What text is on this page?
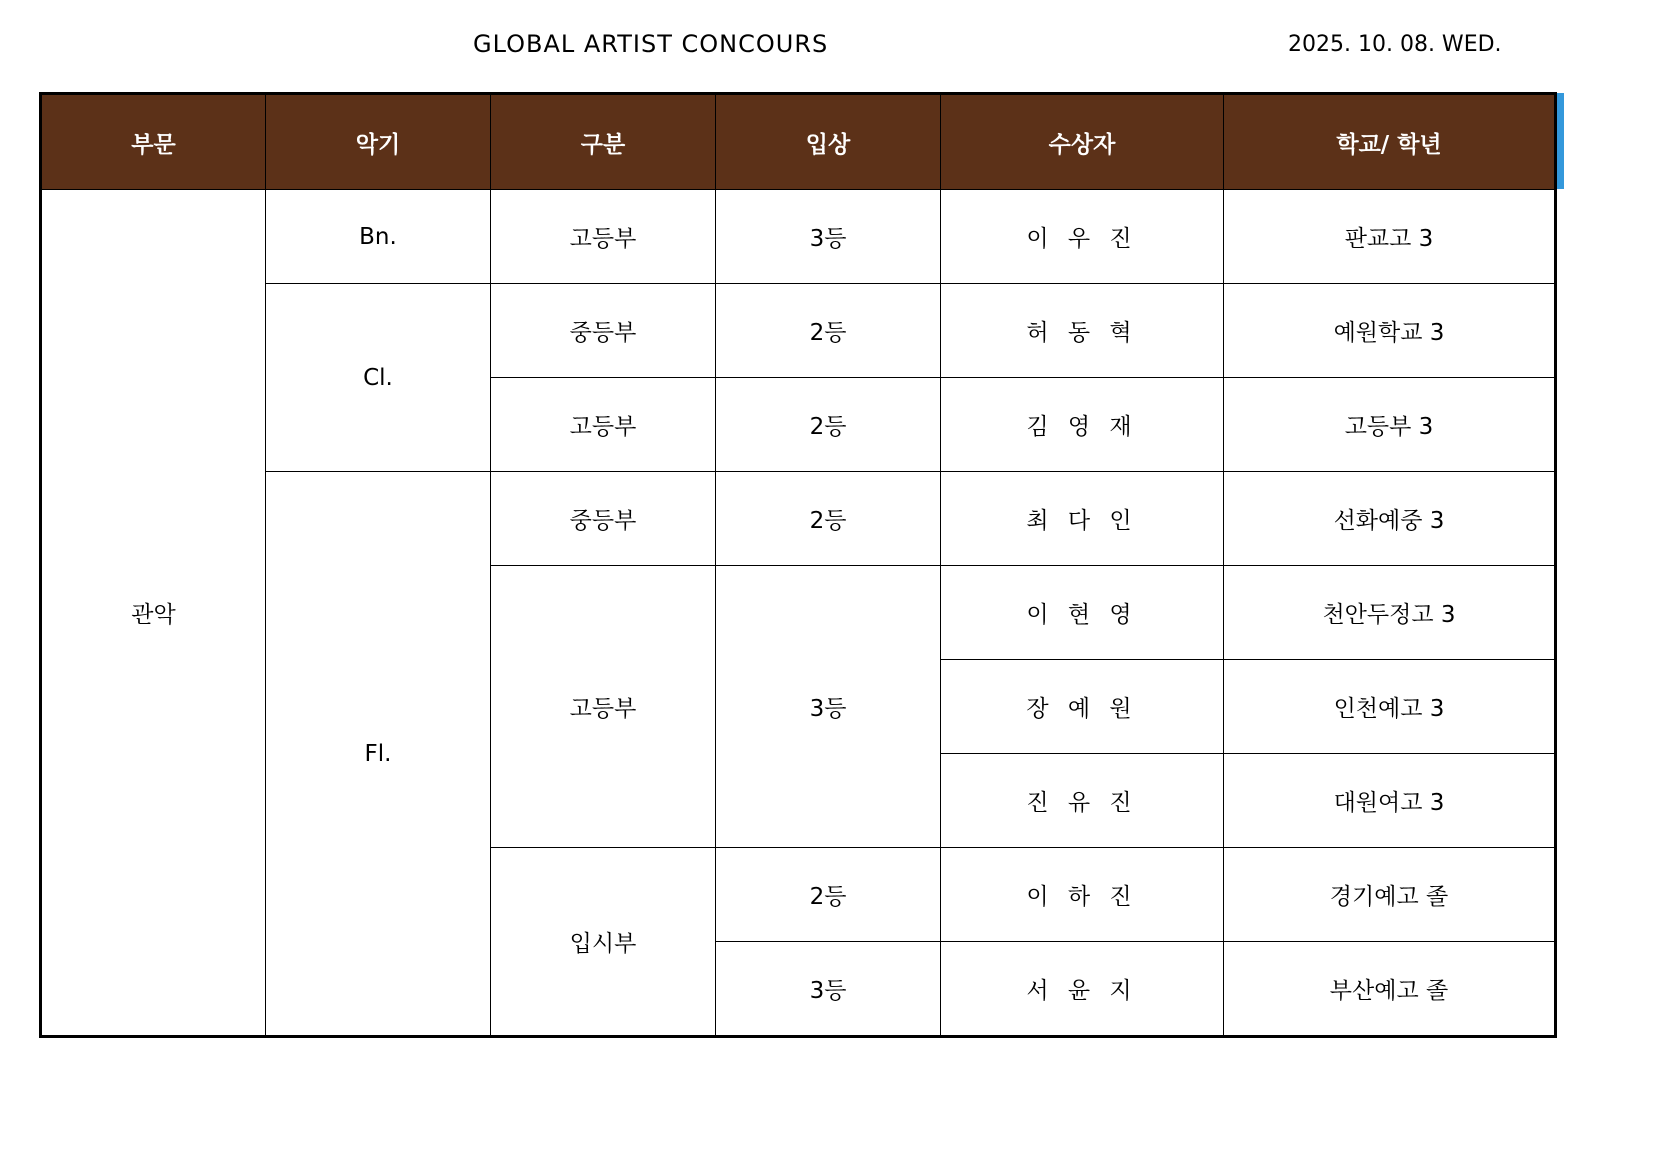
GLOBAL ARTIST CONCOURS	2025. 10. 08. WED.
부문	악기	구분	입상	수상자	학교/ 학년
관악	Bn.	고등부	3등	이 우 진	판교고 3
	Cl.	중등부	2등	허 동 혁	예원학교 3
		고등부	2등	김 영 재	고등부 3
	Fl.	중등부	2등	최 다 인	선화예중 3
		고등부	3등	이 현 영	천안두정고 3
				장 예 원	인천예고 3
				진 유 진	대원여고 3
		입시부	2등	이 하 진	경기예고 졸
			3등	서 윤 지	부산예고 졸
